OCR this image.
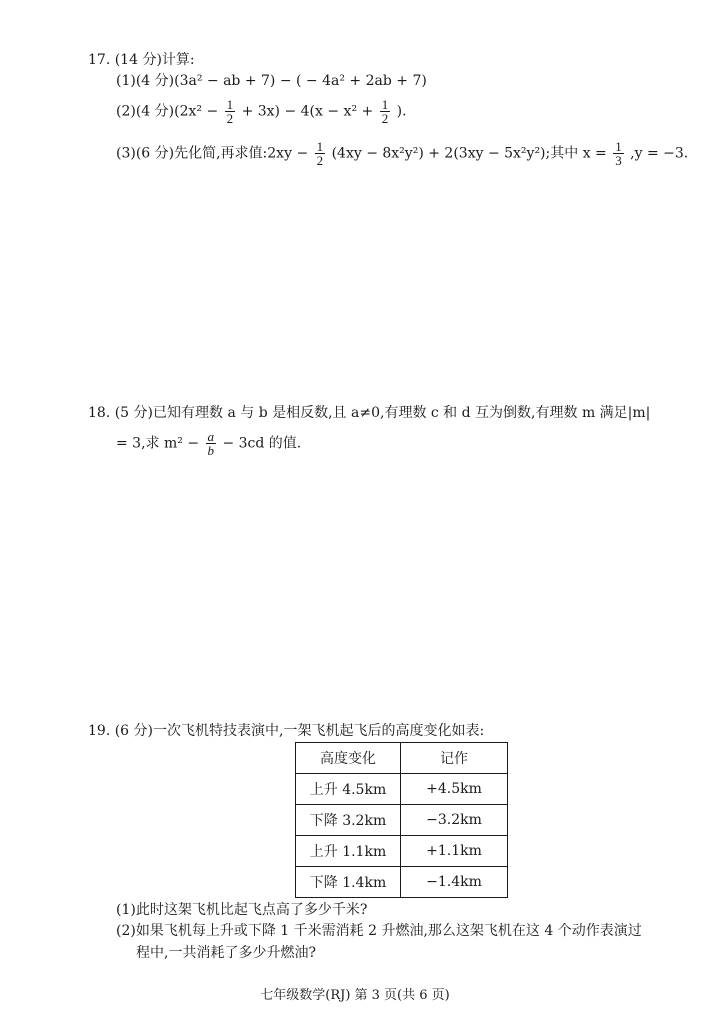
17. (14 分)计算:
(1)(4 分)(3a² − ab + 7) − ( − 4a² + 2ab + 7)
(2)(4 分)$(2x^2 - \frac{1}{2} + 3x) - 4(x - x^2 + \frac{1}{2}$ ).
(3)(6 分)先化简,再求值:2xy − $\frac{1}{2} (4xy - 8x^2y^2) + 2(3xy - 5x^2y^2)$;其中 $x = \frac{1}{3} ,y = -3$.
18. (5 分)已知有理数 a 与 b 是相反数,且 a≠0,有理数 c 和 d 互为倒数,有理数 m 满足|m|
= 3,求 $m^2 - \frac{a}{b} - 3cd$ 的值.
19. (6 分)一次飞机特技表演中,一架飞机起飞后的高度变化如表:
高度变化	记作
上升 4.5km	+4.5km
下降 3.2km	−3.2km
上升 1.1km	+1.1km
下降 1.4km	−1.4km
(1)此时这架飞机比起飞点高了多少千米?
(2)如果飞机每上升或下降 1 千米需消耗 2 升燃油,那么这架飞机在这 4 个动作表演过
程中,一共消耗了多少升燃油?
七年级数学(RJ) 第 3 页(共 6 页)
